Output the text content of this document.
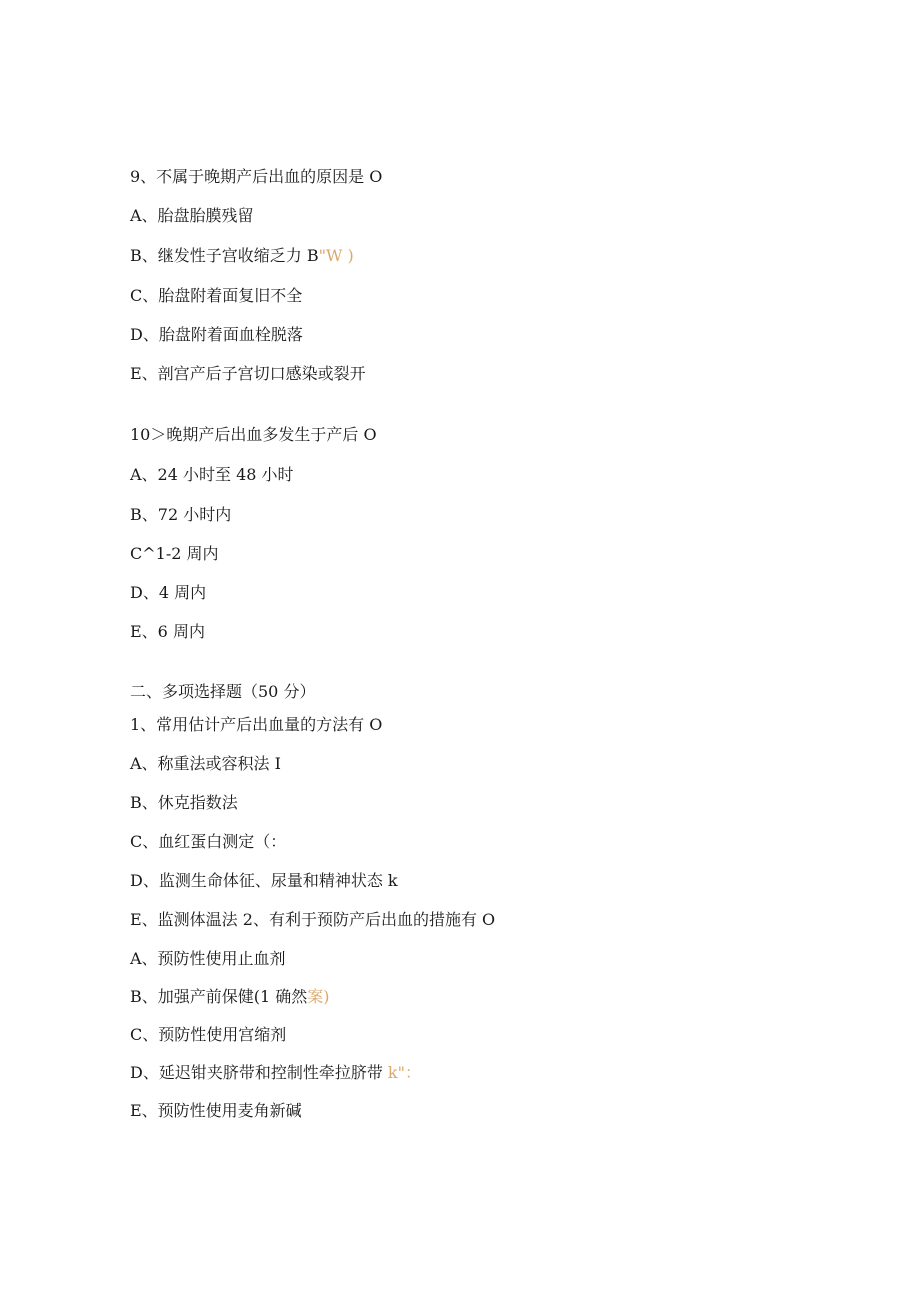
9、不属于晚期产后出血的原因是 O
A、胎盘胎膜残留
B、继发性子宫收缩乏力 B"W )
C、胎盘附着面复旧不全
D、胎盘附着面血栓脱落
E、剖宫产后子宫切口感染或裂开
10＞晚期产后出血多发生于产后 O
A、24 小时至 48 小时
B、72 小时内
C^1-2 周内
D、4 周内
E、6 周内
二、多项选择题（50 分）
1、常用估计产后出血量的方法有 O
A、称重法或容积法 I
B、休克指数法
C、血红蛋白测定（：
D、监测生命体征、尿量和精神状态 k
E、监测体温法 2、有利于预防产后出血的措施有 O
A、预防性使用止血剂
B、加强产前保健(1 确然案)
C、预防性使用宫缩剂
D、延迟钳夹脐带和控制性牵拉脐带 k"：
E、预防性使用麦角新碱
